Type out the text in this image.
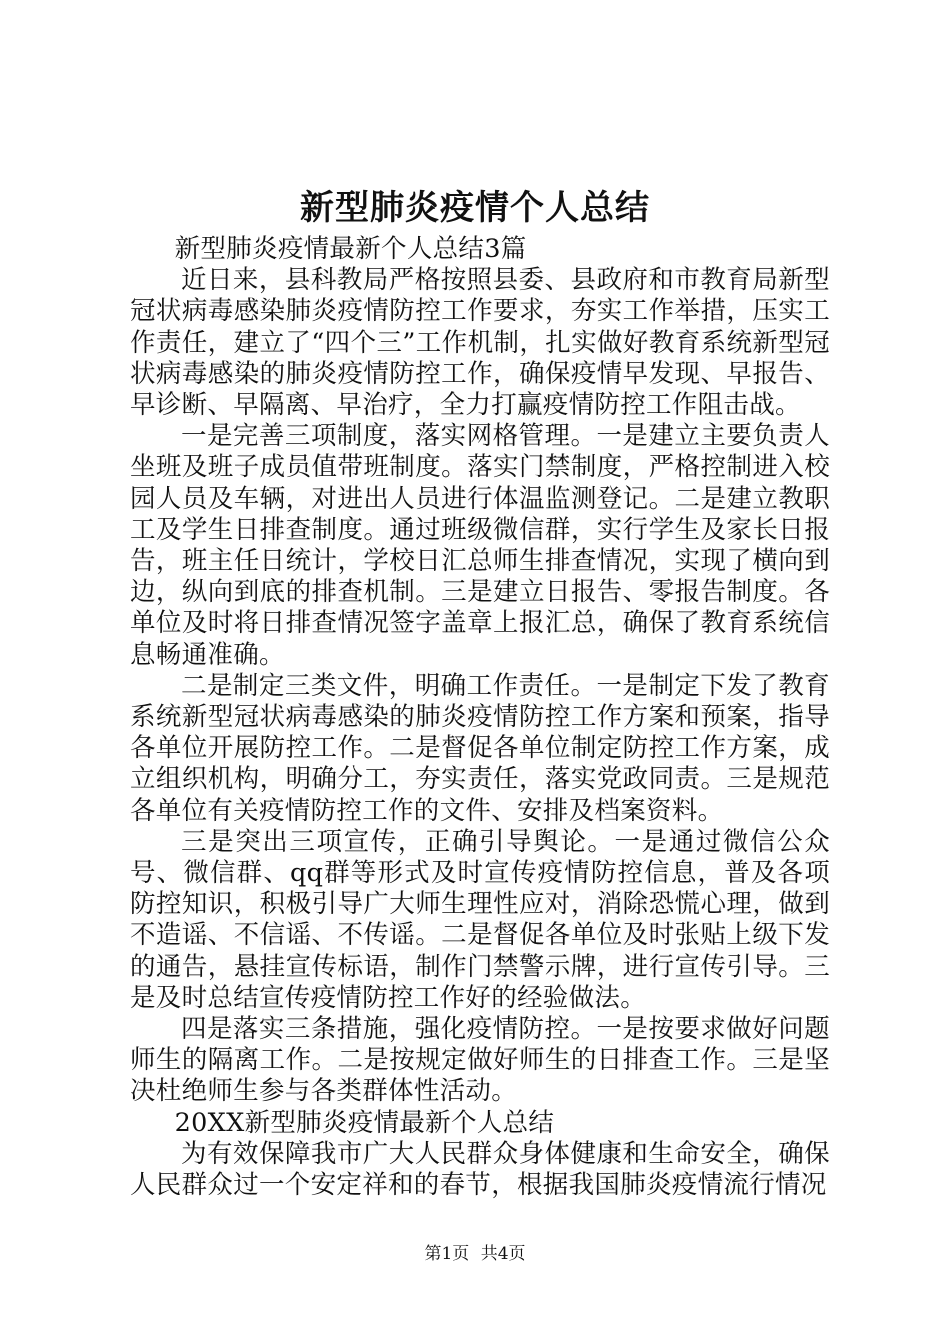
新型肺炎疫情个人总结

新型肺炎疫情最新个人总结3篇

近日来，县科教局严格按照县委、县政府和市教育局新型冠状病毒感染肺炎疫情防控工作要求，夯实工作举措，压实工作责任，建立了“四个三”工作机制，扎实做好教育系统新型冠状病毒感染的肺炎疫情防控工作，确保疫情早发现、早报告、早诊断、早隔离、早治疗，全力打赢疫情防控工作阻击战。

一是完善三项制度，落实网格管理。一是建立主要负责人坐班及班子成员值带班制度。落实门禁制度，严格控制进入校园人员及车辆，对进出人员进行体温监测登记。二是建立教职工及学生日排查制度。通过班级微信群，实行学生及家长日报告，班主任日统计，学校日汇总师生排查情况，实现了横向到边，纵向到底的排查机制。三是建立日报告、零报告制度。各单位及时将日排查情况签字盖章上报汇总，确保了教育系统信息畅通准确。

二是制定三类文件，明确工作责任。一是制定下发了教育系统新型冠状病毒感染的肺炎疫情防控工作方案和预案，指导各单位开展防控工作。二是督促各单位制定防控工作方案，成立组织机构，明确分工，夯实责任，落实党政同责。三是规范各单位有关疫情防控工作的文件、安排及档案资料。

三是突出三项宣传，正确引导舆论。一是通过微信公众号、微信群、qq群等形式及时宣传疫情防控信息，普及各项防控知识，积极引导广大师生理性应对，消除恐慌心理，做到不造谣、不信谣、不传谣。二是督促各单位及时张贴上级下发的通告，悬挂宣传标语，制作门禁警示牌，进行宣传引导。三是及时总结宣传疫情防控工作好的经验做法。

四是落实三条措施，强化疫情防控。一是按要求做好问题师生的隔离工作。二是按规定做好师生的日排查工作。三是坚决杜绝师生参与各类群体性活动。

20XX新型肺炎疫情最新个人总结

为有效保障我市广大人民群众身体健康和生命安全，确保人民群众过一个安定祥和的春节，根据我国肺炎疫情流行情况

第1页 共4页
